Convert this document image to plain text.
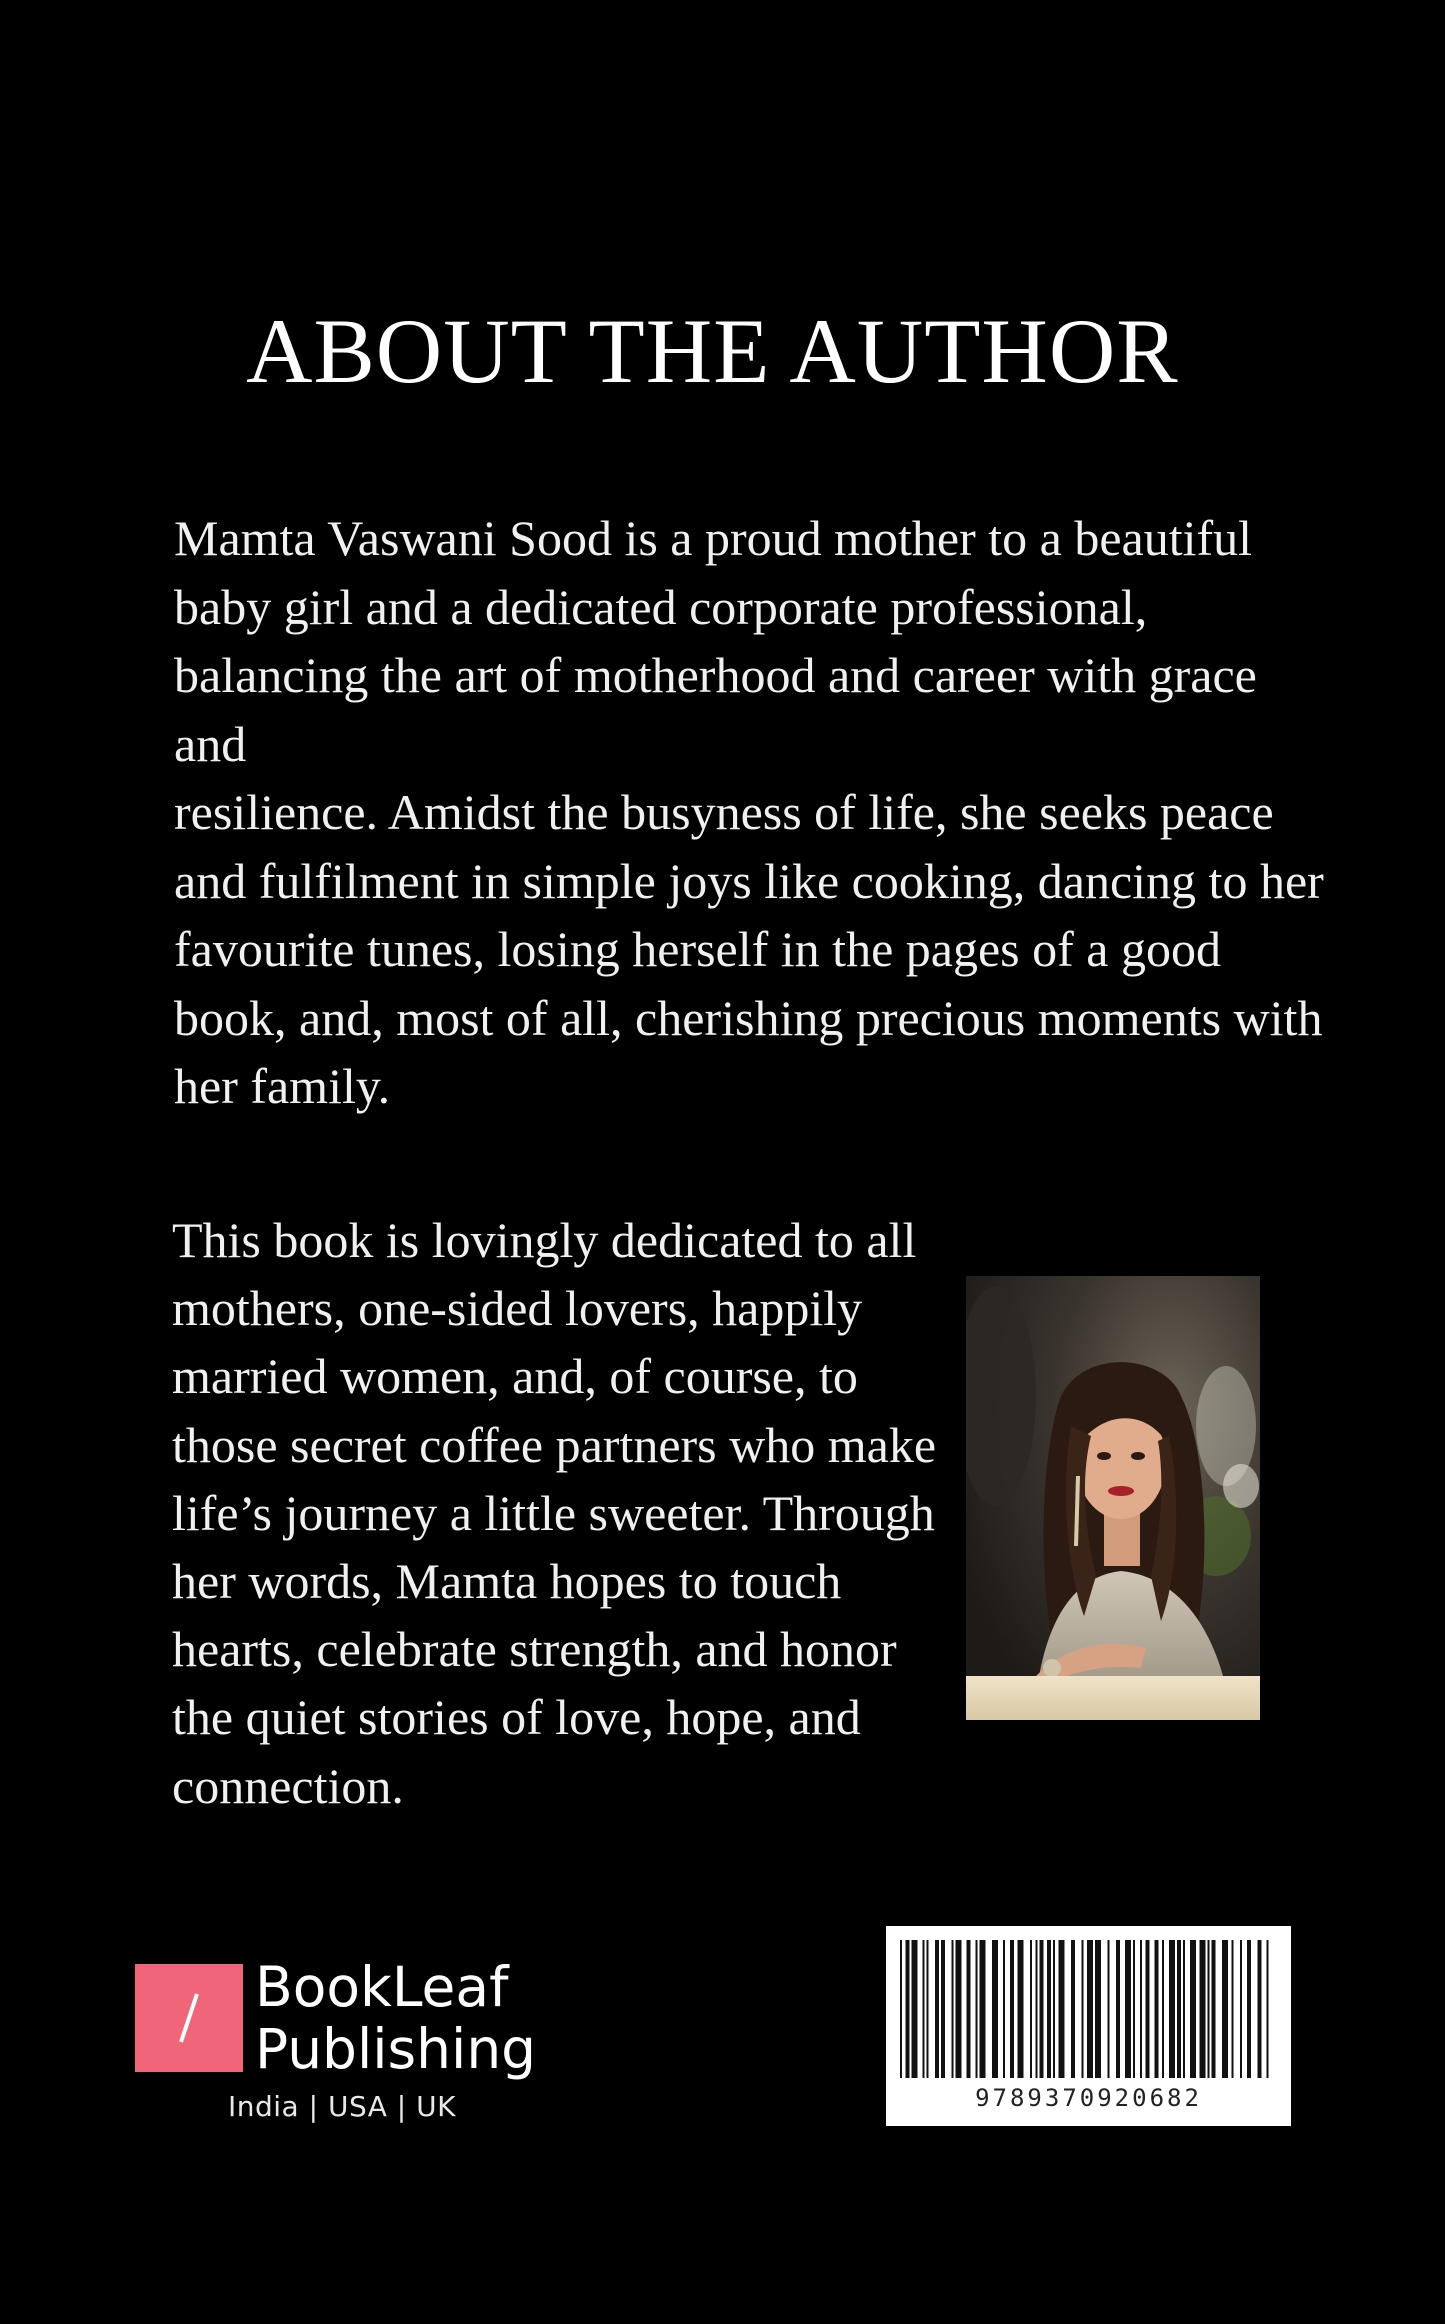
ABOUT THE AUTHOR

Mamta Vaswani Sood is a proud mother to a beautiful
baby girl and a dedicated corporate professional,
balancing the art of motherhood and career with grace and
resilience. Amidst the busyness of life, she seeks peace
and fulfilment in simple joys like cooking, dancing to her
favourite tunes, losing herself in the pages of a good
book, and, most of all, cherishing precious moments with
her family.

This book is lovingly dedicated to all
mothers, one-sided lovers, happily
married women, and, of course, to
those secret coffee partners who make
life’s journey a little sweeter. Through
her words, Mamta hopes to touch
hearts, celebrate strength, and honor
the quiet stories of love, hope, and
connection.

BookLeaf
Publishing
India | USA | UK	9789370920682
